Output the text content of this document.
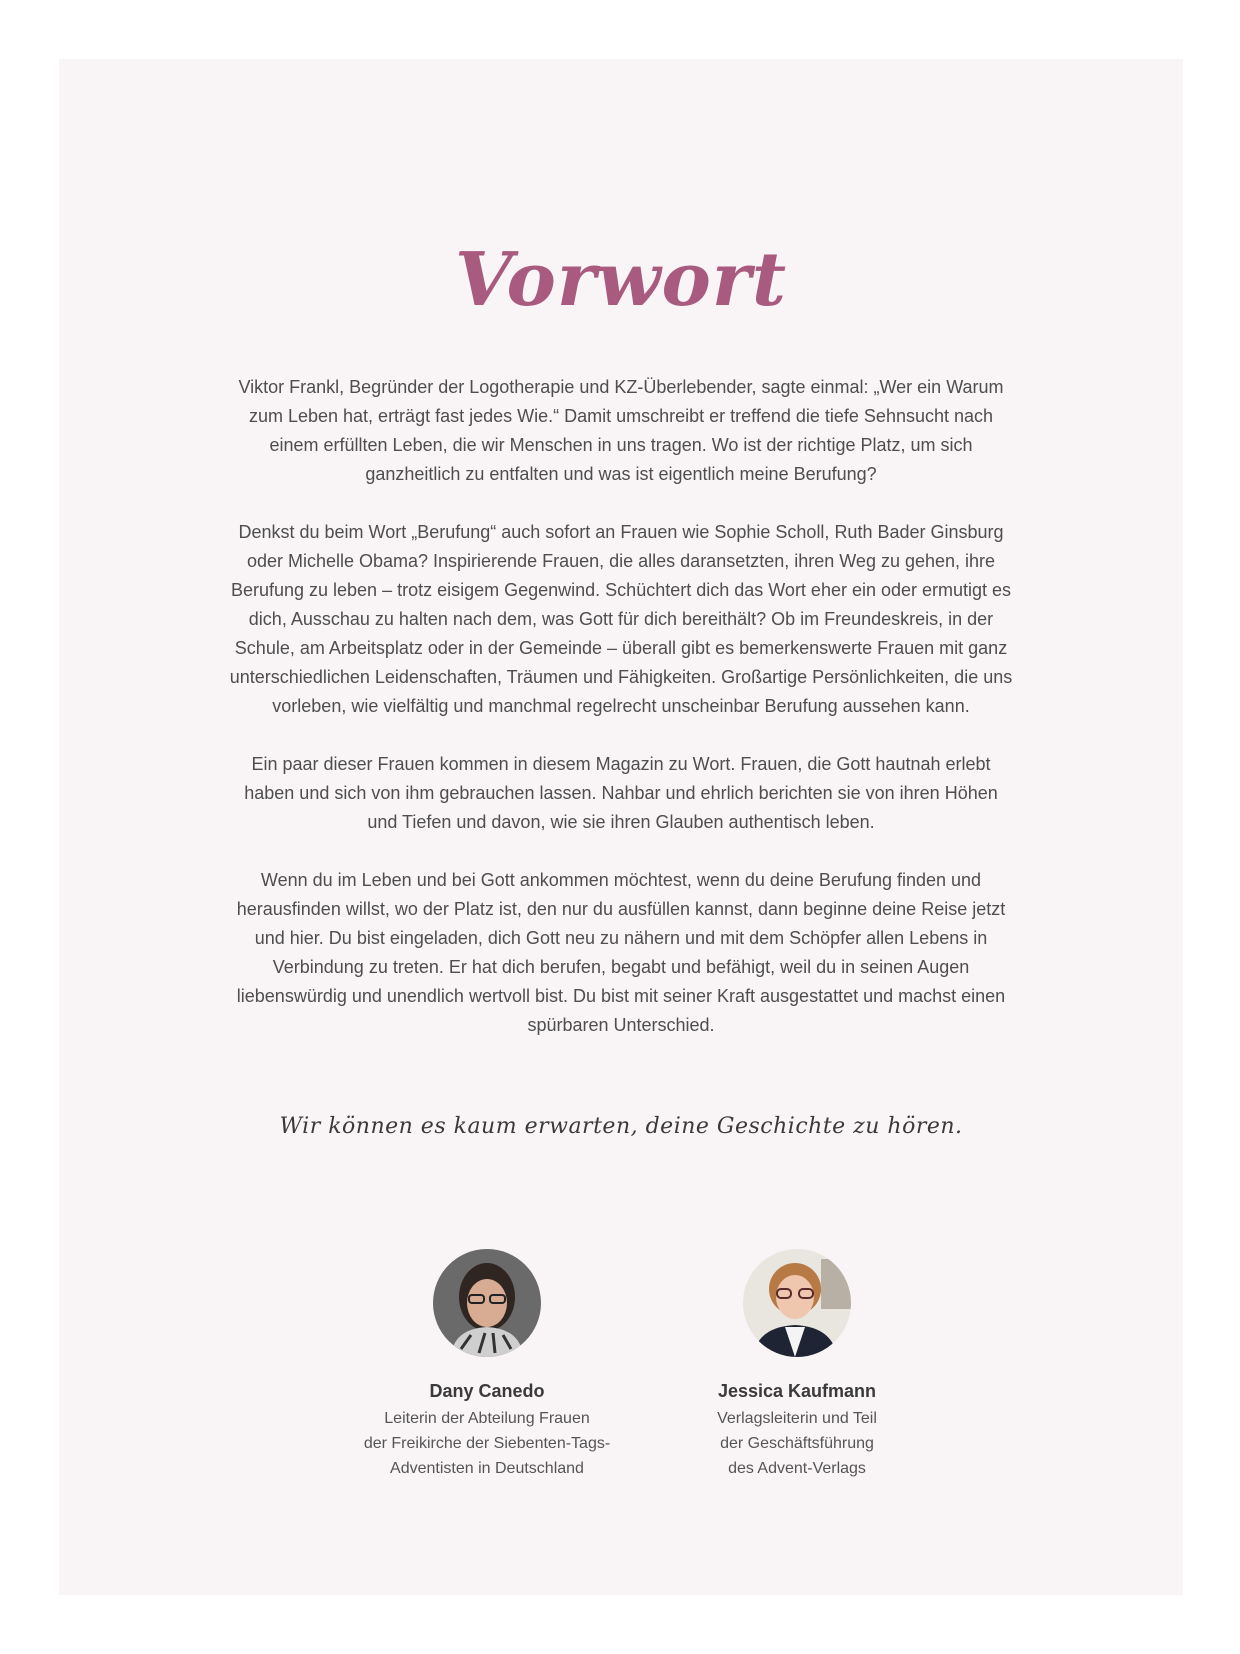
Vorwort

Viktor Frankl, Begründer der Logotherapie und KZ-Überlebender, sagte einmal: „Wer ein Warum zum Leben hat, erträgt fast jedes Wie.“ Damit umschreibt er treffend die tiefe Sehnsucht nach einem erfüllten Leben, die wir Menschen in uns tragen. Wo ist der richtige Platz, um sich ganzheitlich zu entfalten und was ist eigentlich meine Berufung?

Denkst du beim Wort „Berufung“ auch sofort an Frauen wie Sophie Scholl, Ruth Bader Ginsburg oder Michelle Obama? Inspirierende Frauen, die alles daransetzten, ihren Weg zu gehen, ihre Berufung zu leben – trotz eisigem Gegenwind. Schüchtert dich das Wort eher ein oder ermutigt es dich, Ausschau zu halten nach dem, was Gott für dich bereithält? Ob im Freundeskreis, in der Schule, am Arbeitsplatz oder in der Gemeinde – überall gibt es bemerkenswerte Frauen mit ganz unterschiedlichen Leidenschaften, Träumen und Fähigkeiten. Großartige Persönlichkeiten, die uns vorleben, wie vielfältig und manchmal regelrecht unscheinbar Berufung aussehen kann.

Ein paar dieser Frauen kommen in diesem Magazin zu Wort. Frauen, die Gott hautnah erlebt haben und sich von ihm gebrauchen lassen. Nahbar und ehrlich berichten sie von ihren Höhen und Tiefen und davon, wie sie ihren Glauben authentisch leben.

Wenn du im Leben und bei Gott ankommen möchtest, wenn du deine Berufung finden und herausfinden willst, wo der Platz ist, den nur du ausfüllen kannst, dann beginne deine Reise jetzt und hier. Du bist eingeladen, dich Gott neu zu nähern und mit dem Schöpfer allen Lebens in Verbindung zu treten. Er hat dich berufen, begabt und befähigt, weil du in seinen Augen liebenswürdig und unendlich wertvoll bist. Du bist mit seiner Kraft ausgestattet und machst einen spürbaren Unterschied.

Wir können es kaum erwarten, deine Geschichte zu hören.
Dany Canedo
Leiterin der Abteilung Frauen
der Freikirche der Siebenten-Tags-
Adventisten in Deutschland
Jessica Kaufmann
Verlagsleiterin und Teil
der Geschäftsführung
des Advent-Verlags
